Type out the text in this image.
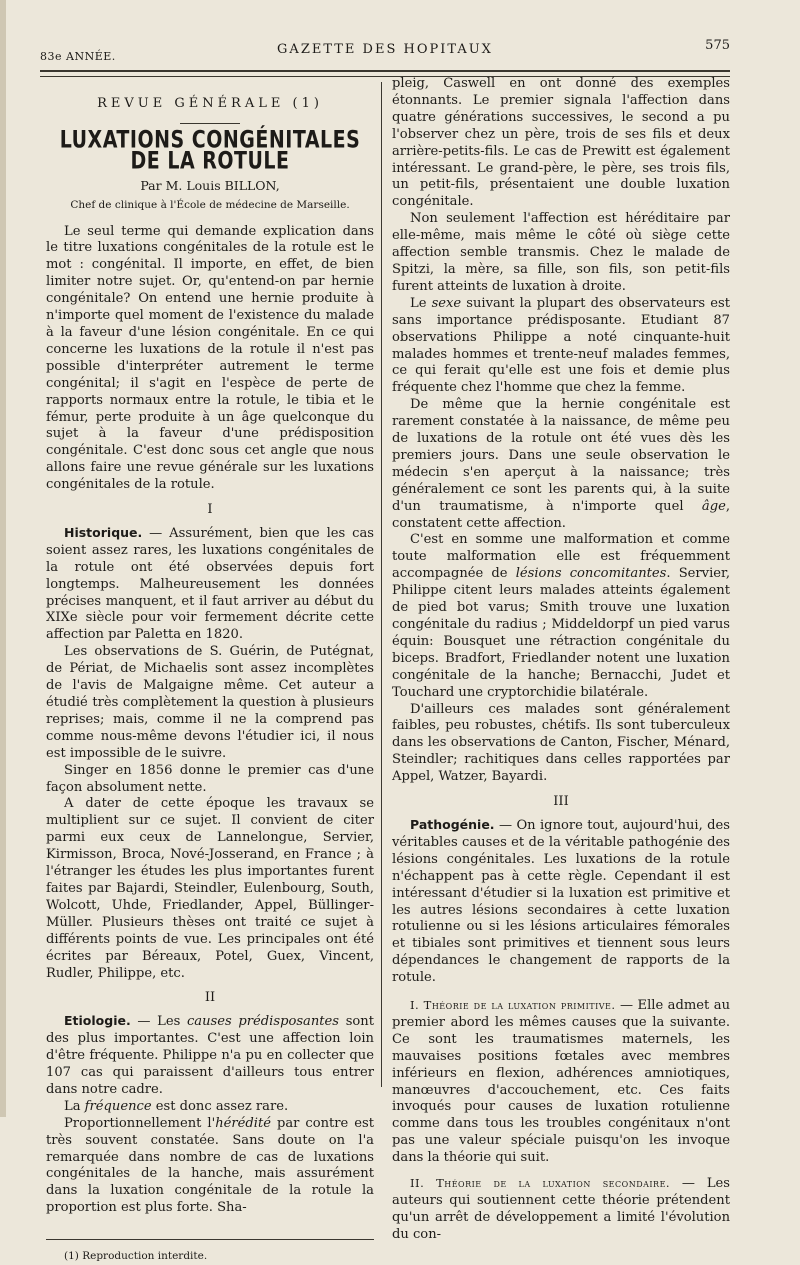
83e ANNÉE.	GAZETTE DES HOPITAUX	575
REVUE GÉNÉRALE (1)
LUXATIONS CONGÉNITALES DE LA ROTULE
Par M. Louis BILLON,
Chef de clinique à l'École de médecine de Marseille.

Le seul terme qui demande explication dans le titre luxations congénitales de la rotule est le mot : congénital. Il importe, en effet, de bien limiter notre sujet. Or, qu'entend-on par hernie congénitale? On entend une hernie produite à n'importe quel moment de l'existence du malade à la faveur d'une lésion congénitale. En ce qui concerne les luxations de la rotule il n'est pas possible d'interpréter autrement le terme congénital; il s'agit en l'espèce de perte de rapports normaux entre la rotule, le tibia et le fémur, perte produite à un âge quelconque du sujet à la faveur d'une prédisposition congénitale. C'est donc sous cet angle que nous allons faire une revue générale sur les luxations congénitales de la rotule.

I

Historique. — Assurément, bien que les cas soient assez rares, les luxations congénitales de la rotule ont été observées depuis fort longtemps. Malheureusement les données précises manquent, et il faut arriver au début du XIXe siècle pour voir fermement décrite cette affection par Paletta en 1820.

Les observations de S. Guérin, de Putégnat, de Périat, de Michaelis sont assez incomplètes de l'avis de Malgaigne même. Cet auteur a étudié très complètement la question à plusieurs reprises; mais, comme il ne la comprend pas comme nous-même devons l'étudier ici, il nous est impossible de le suivre.

Singer en 1856 donne le premier cas d'une façon absolument nette.

A dater de cette époque les travaux se multiplient sur ce sujet. Il convient de citer parmi eux ceux de Lannelongue, Servier, Kirmisson, Broca, Nové-Josserand, en France ; à l'étranger les études les plus importantes furent faites par Bajardi, Steindler, Eulenbourg, South, Wolcott, Uhde, Friedlander, Appel, Büllinger-Müller. Plusieurs thèses ont traité ce sujet à différents points de vue. Les principales ont été écrites par Béreaux, Potel, Guex, Vincent, Rudler, Philippe, etc.

II

Etiologie. — Les causes prédisposantes sont des plus importantes. C'est une affection loin d'être fréquente. Philippe n'a pu en collecter que 107 cas qui paraissent d'ailleurs tous entrer dans notre cadre.

La fréquence est donc assez rare.

Proportionnellement l'hérédité par contre est très souvent constatée. Sans doute on l'a remarquée dans nombre de cas de luxations congénitales de la hanche, mais assurément dans la luxation congénitale de la rotule la proportion est plus forte. Sha-

(1) Reproduction interdite.

pleig, Caswell en ont donné des exemples étonnants. Le premier signala l'affection dans quatre générations successives, le second a pu l'observer chez un père, trois de ses fils et deux arrière-petits-fils. Le cas de Prewitt est également intéressant. Le grand-père, le père, ses trois fils, un petit-fils, présentaient une double luxation congénitale.

Non seulement l'affection est héréditaire par elle-même, mais même le côté où siège cette affection semble transmis. Chez le malade de Spitzi, la mère, sa fille, son fils, son petit-fils furent atteints de luxation à droite.

Le sexe suivant la plupart des observateurs est sans importance prédisposante. Etudiant 87 observations Philippe a noté cinquante-huit malades hommes et trente-neuf malades femmes, ce qui ferait qu'elle est une fois et demie plus fréquente chez l'homme que chez la femme.

De même que la hernie congénitale est rarement constatée à la naissance, de même peu de luxations de la rotule ont été vues dès les premiers jours. Dans une seule observation le médecin s'en aperçut à la naissance; très généralement ce sont les parents qui, à la suite d'un traumatisme, à n'importe quel âge, constatent cette affection.

C'est en somme une malformation et comme toute malformation elle est fréquemment accompagnée de lésions concomitantes. Servier, Philippe citent leurs malades atteints également de pied bot varus; Smith trouve une luxation congénitale du radius ; Middeldorpf un pied varus équin: Bousquet une rétraction congénitale du biceps. Bradfort, Friedlander notent une luxation congénitale de la hanche; Bernacchi, Judet et Touchard une cryptorchidie bilatérale.

D'ailleurs ces malades sont généralement faibles, peu robustes, chétifs. Ils sont tuberculeux dans les observations de Canton, Fischer, Ménard, Steindler; rachitiques dans celles rapportées par Appel, Watzer, Bayardi.

III

Pathogénie. — On ignore tout, aujourd'hui, des véritables causes et de la véritable pathogénie des lésions congénitales. Les luxations de la rotule n'échappent pas à cette règle. Cependant il est intéressant d'étudier si la luxation est primitive et les autres lésions secondaires à cette luxation rotulienne ou si les lésions articulaires fémorales et tibiales sont primitives et tiennent sous leurs dépendances le changement de rapports de la rotule.

I. Théorie de la luxation primitive. — Elle admet au premier abord les mêmes causes que la suivante. Ce sont les traumatismes maternels, les mauvaises positions fœtales avec membres inférieurs en flexion, adhérences amniotiques, manœuvres d'accouchement, etc. Ces faits invoqués pour causes de luxation rotulienne comme dans tous les troubles congénitaux n'ont pas une valeur spéciale puisqu'on les invoque dans la théorie qui suit.

II. Théorie de la luxation secondaire. — Les auteurs qui soutiennent cette théorie prétendent qu'un arrêt de développement a limité l'évolution du con-
